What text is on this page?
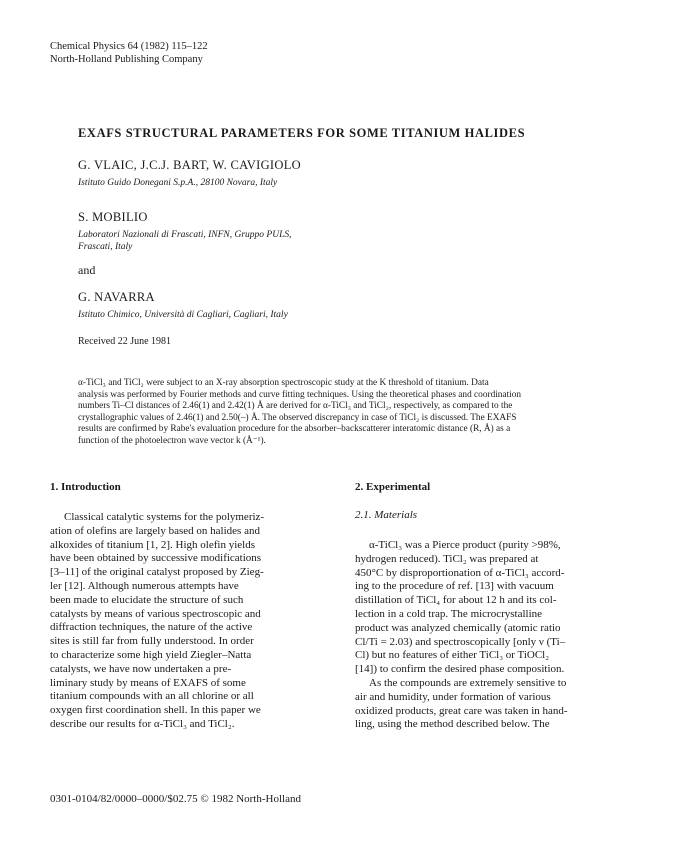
Chemical Physics 64 (1982) 115–122
North-Holland Publishing Company
EXAFS STRUCTURAL PARAMETERS FOR SOME TITANIUM HALIDES
G. VLAIC, J.C.J. BART, W. CAVIGIOLO
Istituto Guido Donegani S.p.A., 28100 Novara, Italy
S. MOBILIO
Laboratori Nazionali di Frascati, INFN, Gruppo PULS,
Frascati, Italy
and
G. NAVARRA
Istituto Chimico, Università di Cagliari, Cagliari, Italy
Received 22 June 1981
α-TiCl₃ and TiCl₂ were subject to an X-ray absorption spectroscopic study at the K threshold of titanium. Data
analysis was performed by Fourier methods and curve fitting techniques. Using the theoretical phases and coordination
numbers Ti–Cl distances of 2.46(1) and 2.42(1) Å are derived for α-TiCl₃ and TiCl₂, respectively, as compared to the
crystallographic values of 2.46(1) and 2.50(–) Å. The observed discrepancy in case of TiCl₂ is discussed. The EXAFS
results are confirmed by Rabe's evaluation procedure for the absorber–backscatterer interatomic distance (R, Å) as a
function of the photoelectron wave vector k (Å⁻¹).
1. Introduction
Classical catalytic systems for the polymeriz-
ation of olefins are largely based on halides and
alkoxides of titanium [1, 2]. High olefin yields
have been obtained by successive modifications
[3–11] of the original catalyst proposed by Zieg-
ler [12]. Although numerous attempts have
been made to elucidate the structure of such
catalysts by means of various spectroscopic and
diffraction techniques, the nature of the active
sites is still far from fully understood. In order
to characterize some high yield Ziegler–Natta
catalysts, we have now undertaken a pre-
liminary study by means of EXAFS of some
titanium compounds with an all chlorine or all
oxygen first coordination shell. In this paper we
describe our results for α-TiCl₃ and TiCl₂.
2. Experimental
2.1. Materials
α-TiCl₃ was a Pierce product (purity >98%,
hydrogen reduced). TiCl₂ was prepared at
450°C by disproportionation of α-TiCl₃ accord-
ing to the procedure of ref. [13] with vacuum
distillation of TiCl₄ for about 12 h and its col-
lection in a cold trap. The microcrystalline
product was analyzed chemically (atomic ratio
Cl/Ti = 2.03) and spectroscopically [only ν (Ti–
Cl) but no features of either TiCl₃ or TiOCl₂
[14]) to confirm the desired phase composition.
As the compounds are extremely sensitive to
air and humidity, under formation of various
oxidized products, great care was taken in hand-
ling, using the method described below. The
0301-0104/82/0000–0000/$02.75 © 1982 North-Holland
